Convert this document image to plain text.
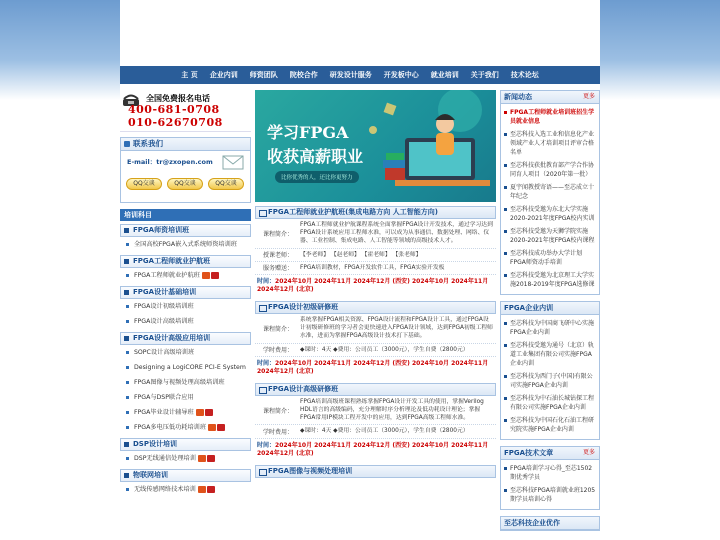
主 页 企业内训 师资团队 院校合作 研发设计服务 开发板中心 就业培训 关于我们 技术论坛
全国免费报名电话
400-681-0708
010-62670708
联系我们
E-mail：tr@zxopen.com
QQ交谈	QQ交谈	QQ交谈
培训科目
FPGA师资培训班
全国高校FPGA嵌入式系统师资培训班
FPGA工程师就业护航班
FPGA工程师就业护航班
FPGA设计基础培训
FPGA设计初级培训班
FPGA设计高级培训班
FPGA设计高级应用培训
SOPC设计高级培训班
Designing a LogiCORE PCI-E System
FPGA图像与视频处理高级培训班
FPGA与DSP联合应用
FPGA毕业设计辅导班
FPGA多电压低功耗培训班
DSP设计培训
DSP无线通信处理培训
物联网培训
无线传感网络技术培训
学习FPGA
收获高薪职业
比你优秀的人，还比你更努力
FPGA工程师就业护航班(集成电路方向 人工智能方向)
课程简介：
FPGA工程师就业护航课程系统全面掌握FPGA设计开发技术，通过学习达到FPGA设计系统应用工程师水准，可以成为从事通信、数据处理、网络、仪器、工业控制、集成电路、人工智能等领域的高级技术人才。
授课老师：	【李老师】 【赵老师】 【霍老师】 【张老师】
服务赠送：	FPGA培训教材，FPGA开发软件工具，FPGA实验开发板
时间：2024年10月 2024年11月 2024年12月 (西安) 2024年10月 2024年11月 2024年12月 (北京)
FPGA设计初级研修班
课程简介：
系统掌握FPGA相关资源、FPGA设计流程和FPGA设计工具，通过FPGA设计初级研修班的学习者会更快速进入FPGA设计领域，达到FPGA初级工程师水准，进而为掌握FPGA高级设计技术打下基础。
学时费用：	◆课时：4天 ◆费用：公司员工（3000元），学生自费（2800元）
时间：2024年10月 2024年11月 2024年12月 (西安) 2024年10月 2024年11月 2024年12月 (北京)
FPGA设计高级研修班
课程简介：
FPGA培训高级班课程熟练掌握FPGA设计开发工具的使用，掌握Verilog HDL语言的高级编码，充分理解时序分析理论及低功耗设计理论；掌握FPGA常用IP模块工程开发中的应用，达到FPGA高级工程师水准。
学时费用：	◆课时：4天 ◆费用：公司员工（3000元），学生自费（2800元）
时间：2024年10月 2024年11月 2024年12月 (西安) 2024年10月 2024年11月 2024年12月 (北京)
FPGA图像与视频处理培训
新闻动态	更多
FPGA工程师就业培训班招生学员就业信息
至芯科技入选工业和信息化产业领域产业人才培训项目评审合格名单
至芯科技获批教育部产学合作协同育人项目（2020年第一批）
夏宇闻教授寄语——至芯成立十年纪念
至芯科技受邀为东北大学实施2020-2021年度FPGA校内实训
至芯科技受邀为天狮学院实施2020-2021年度FPGA校内课程
至芯科技成功举办大学计划FPGA师资动手培训
至芯科技受邀为北京理工大学实施2018-2019年度FPGA选修课
FPGA企业内训
至芯科技为中国商飞研中心实施FPGA企业内训
至芯科技受邀为通号（北京）轨道工业集团有限公司实施FPGA企业内训
至芯科技为西门子(中国)有限公司实施FPGA企业内训
至芯科技为中石油长城钻探工程有限公司实施FPGA企业内训
至芯科技为中国石化石油工程研究院实施FPGA企业内训
FPGA技术文章	更多
FPGA培训学习心得_至芯1502期优秀学员
至芯科技FPGA培训就业班1205期学员培训心得
至芯科技企业优作
